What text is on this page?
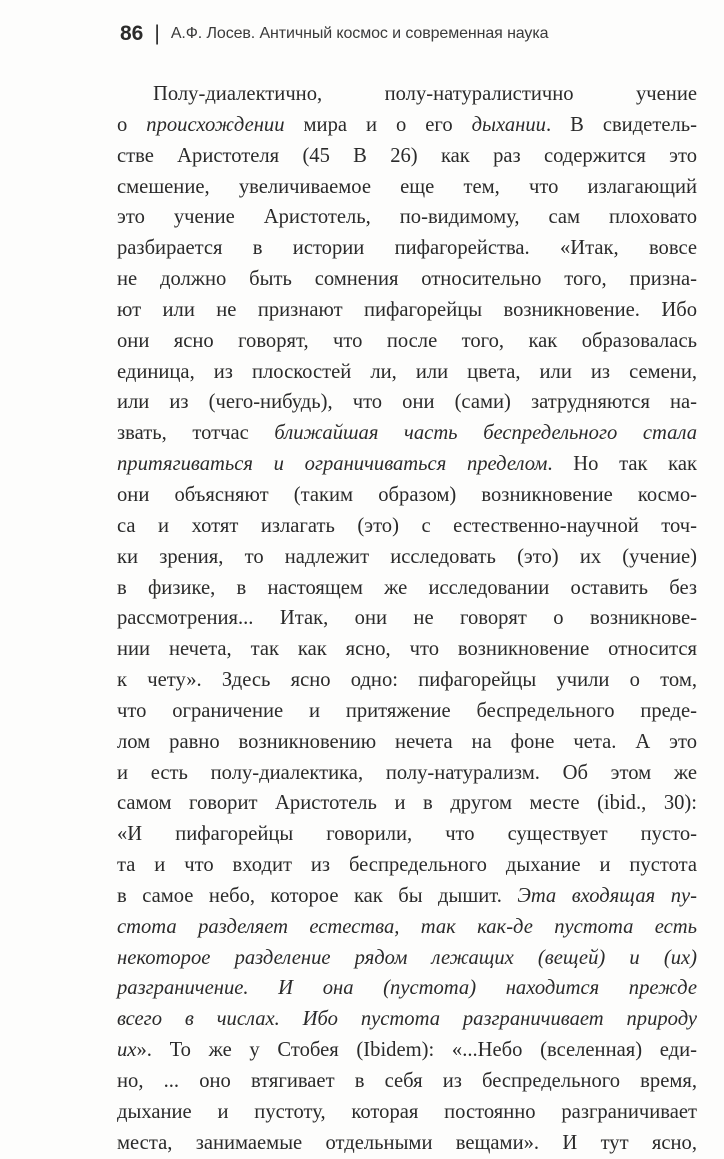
86 | А.Ф. Лосев. Античный космос и современная наука
Полу-диалектично, полу-натуралистично учение
о происхождении мира и о его дыхании. В свидетель-
стве Аристотеля (45 В 26) как раз содержится это
смешение, увеличиваемое еще тем, что излагающий
это учение Аристотель, по-видимому, сам плоховато
разбирается в истории пифагорейства. «Итак, вовсе
не должно быть сомнения относительно того, призна-
ют или не признают пифагорейцы возникновение. Ибо
они ясно говорят, что после того, как образовалась
единица, из плоскостей ли, или цвета, или из семени,
или из (чего-нибудь), что они (сами) затрудняются на-
звать, тотчас ближайшая часть беспредельного стала
притягиваться и ограничиваться пределом. Но так как
они объясняют (таким образом) возникновение космо-
са и хотят излагать (это) с естественно-научной точ-
ки зрения, то надлежит исследовать (это) их (учение)
в физике, в настоящем же исследовании оставить без
рассмотрения... Итак, они не говорят о возникнове-
нии нечета, так как ясно, что возникновение относится
к чету». Здесь ясно одно: пифагорейцы учили о том,
что ограничение и притяжение беспредельного преде-
лом равно возникновению нечета на фоне чета. А это
и есть полу-диалектика, полу-натурализм. Об этом же
самом говорит Аристотель и в другом месте (ibid., 30):
«И пифагорейцы говорили, что существует пусто-
та и что входит из беспредельного дыхание и пустота
в самое небо, которое как бы дышит. Эта входящая пу-
стота разделяет естества, так как-де пустота есть
некоторое разделение рядом лежащих (вещей) и (их)
разграничение. И она (пустота) находится прежде
всего в числах. Ибо пустота разграничивает природу
их». То же у Стобея (Ibidem): «...Небо (вселенная) еди-
но, ... оно втягивает в себя из беспредельного время,
дыхание и пустоту, которая постоянно разграничивает
места, занимаемые отдельными вещами». И тут ясно,
